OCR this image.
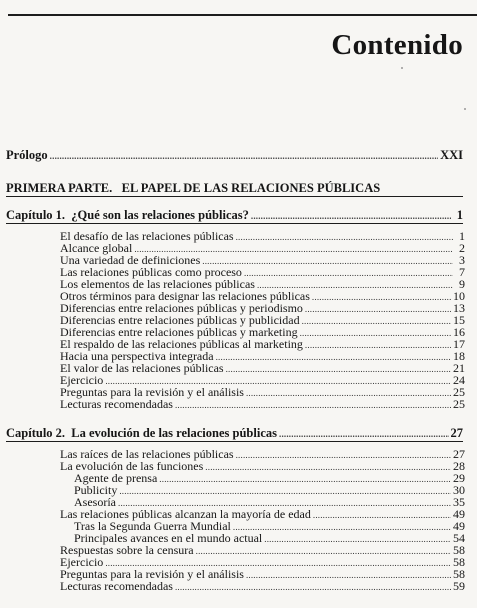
Contenido
Prólogo .....	XXI
PRIMERA PARTE. EL PAPEL DE LAS RELACIONES PÚBLICAS
Capítulo 1. ¿Qué son las relaciones públicas? .....	1
El desafío de las relaciones públicas .....	1
Alcance global .....	2
Una variedad de definiciones .....	3
Las relaciones públicas como proceso .....	7
Los elementos de las relaciones públicas .....	9
Otros términos para designar las relaciones públicas .....	10
Diferencias entre relaciones públicas y periodismo .....	13
Diferencias entre relaciones públicas y publicidad .....	15
Diferencias entre relaciones públicas y marketing .....	16
El respaldo de las relaciones públicas al marketing .....	17
Hacia una perspectiva integrada .....	18
El valor de las relaciones públicas .....	21
Ejercicio .....	24
Preguntas para la revisión y el análisis .....	25
Lecturas recomendadas .....	25
Capítulo 2. La evolución de las relaciones públicas .....	27
Las raíces de las relaciones públicas .....	27
La evolución de las funciones .....	28
Agente de prensa .....	29
Publicity .....	30
Asesoría .....	35
Las relaciones públicas alcanzan la mayoría de edad .....	49
Tras la Segunda Guerra Mundial .....	49
Principales avances en el mundo actual .....	54
Respuestas sobre la censura .....	58
Ejercicio .....	58
Preguntas para la revisión y el análisis .....	58
Lecturas recomendadas .....	59
